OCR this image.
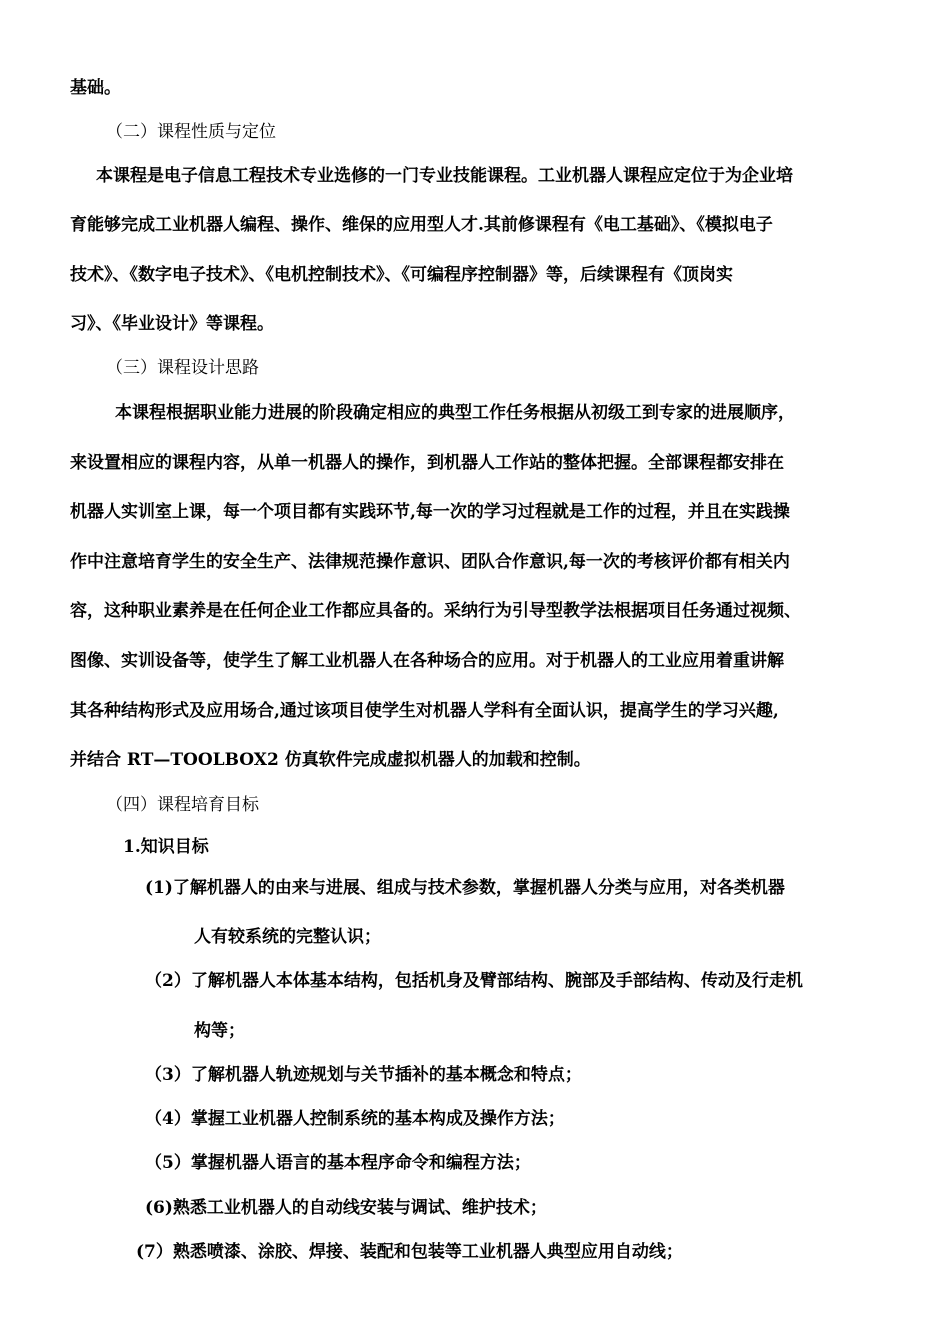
基础。
（二）课程性质与定位
本课程是电子信息工程技术专业选修的一门专业技能课程。工业机器人课程应定位于为企业培
育能够完成工业机器人编程、操作、维保的应用型人才.其前修课程有《电工基础》、《模拟电子
技术》、《数字电子技术》、《电机控制技术》、《可编程序控制器》等，后续课程有《顶岗实
习》、《毕业设计》等课程。
（三）课程设计思路
本课程根据职业能力进展的阶段确定相应的典型工作任务根据从初级工到专家的进展顺序，
来设置相应的课程内容，从单一机器人的操作，到机器人工作站的整体把握。全部课程都安排在
机器人实训室上课，每一个项目都有实践环节,每一次的学习过程就是工作的过程，并且在实践操
作中注意培育学生的安全生产、法律规范操作意识、团队合作意识,每一次的考核评价都有相关内
容，这种职业素养是在任何企业工作都应具备的。采纳行为引导型教学法根据项目任务通过视频、
图像、实训设备等，使学生了解工业机器人在各种场合的应用。对于机器人的工业应用着重讲解
其各种结构形式及应用场合,通过该项目使学生对机器人学科有全面认识，提高学生的学习兴趣,
并结合 RT—TOOLBOX2 仿真软件完成虚拟机器人的加载和控制。
（四）课程培育目标
1.知识目标
(1)了解机器人的由来与进展、组成与技术参数，掌握机器人分类与应用，对各类机器
人有较系统的完整认识；
（2）了解机器人本体基本结构，包括机身及臂部结构、腕部及手部结构、传动及行走机
构等；
（3）了解机器人轨迹规划与关节插补的基本概念和特点；
（4）掌握工业机器人控制系统的基本构成及操作方法；
（5）掌握机器人语言的基本程序命令和编程方法；
(6)熟悉工业机器人的自动线安装与调试、维护技术；
(7）熟悉喷漆、涂胶、焊接、装配和包装等工业机器人典型应用自动线；
